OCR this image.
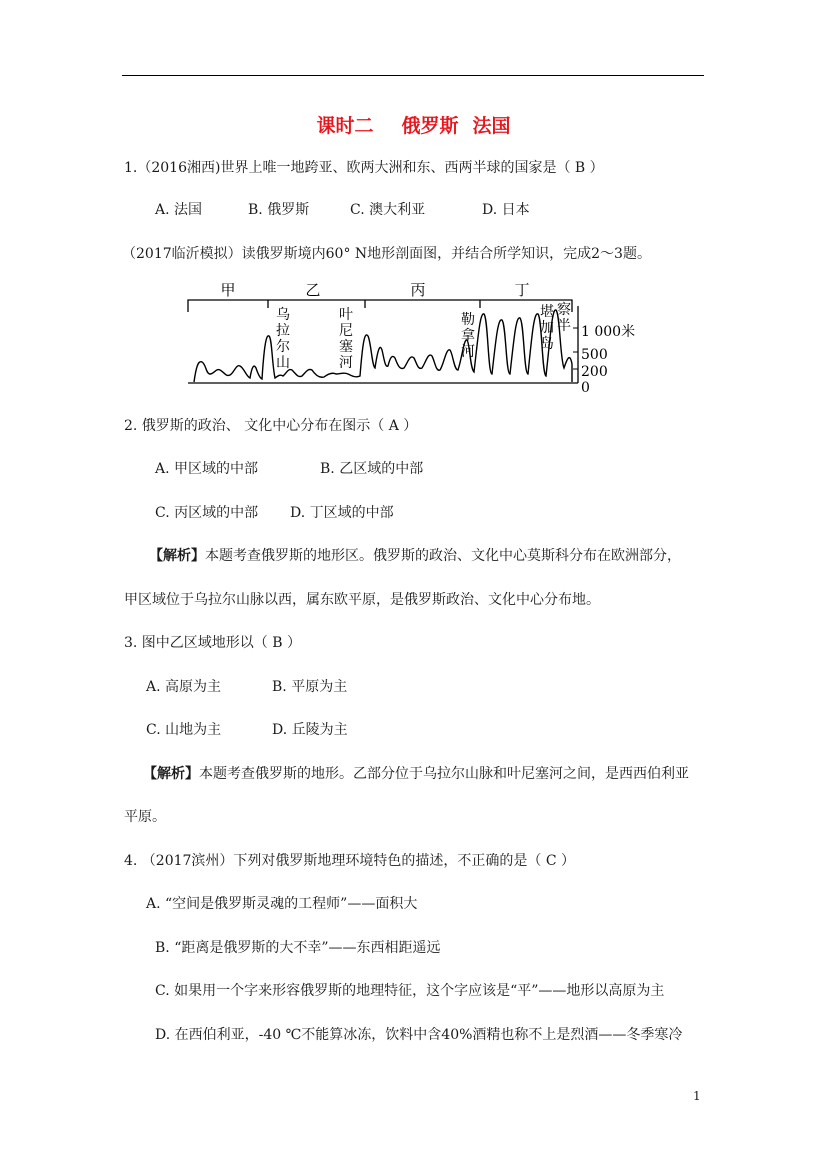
课时二 俄罗斯 法国
1.（2016湘西)世界上唯一地跨亚、欧两大洲和东、西两半球的国家是（ B ）
A. 法国	B. 俄罗斯	C. 澳大利亚	D. 日本
（2017临沂模拟）读俄罗斯境内60° N地形剖面图，并结合所学知识，完成2～3题。
甲	乙	丙	丁
1 000米
500
200
0
乌
拉
尔
山
叶
尼
塞
河
勒
拿
河
堪 察
加 半
岛
2. 俄罗斯的政治、 文化中心分布在图示（ A ）
A. 甲区域的中部	B. 乙区域的中部
C. 丙区域的中部 D. 丁区域的中部
【解析】本题考查俄罗斯的地形区。俄罗斯的政治、文化中心莫斯科分布在欧洲部分，
甲区域位于乌拉尔山脉以西，属东欧平原，是俄罗斯政治、文化中心分布地。
3. 图中乙区域地形以（ B ）
A. 高原为主	B. 平原为主
C. 山地为主	D. 丘陵为主
【解析】本题考查俄罗斯的地形。乙部分位于乌拉尔山脉和叶尼塞河之间，是西西伯利亚
平原。
4. （2017滨州）下列对俄罗斯地理环境特色的描述，不正确的是（ C ）
A. “空间是俄罗斯灵魂的工程师”——面积大
B. “距离是俄罗斯的大不幸”——东西相距遥远
C. 如果用一个字来形容俄罗斯的地理特征，这个字应该是“平”——地形以高原为主
D. 在西伯利亚，-40 ℃不能算冰冻，饮料中含40%酒精也称不上是烈酒——冬季寒冷
1
